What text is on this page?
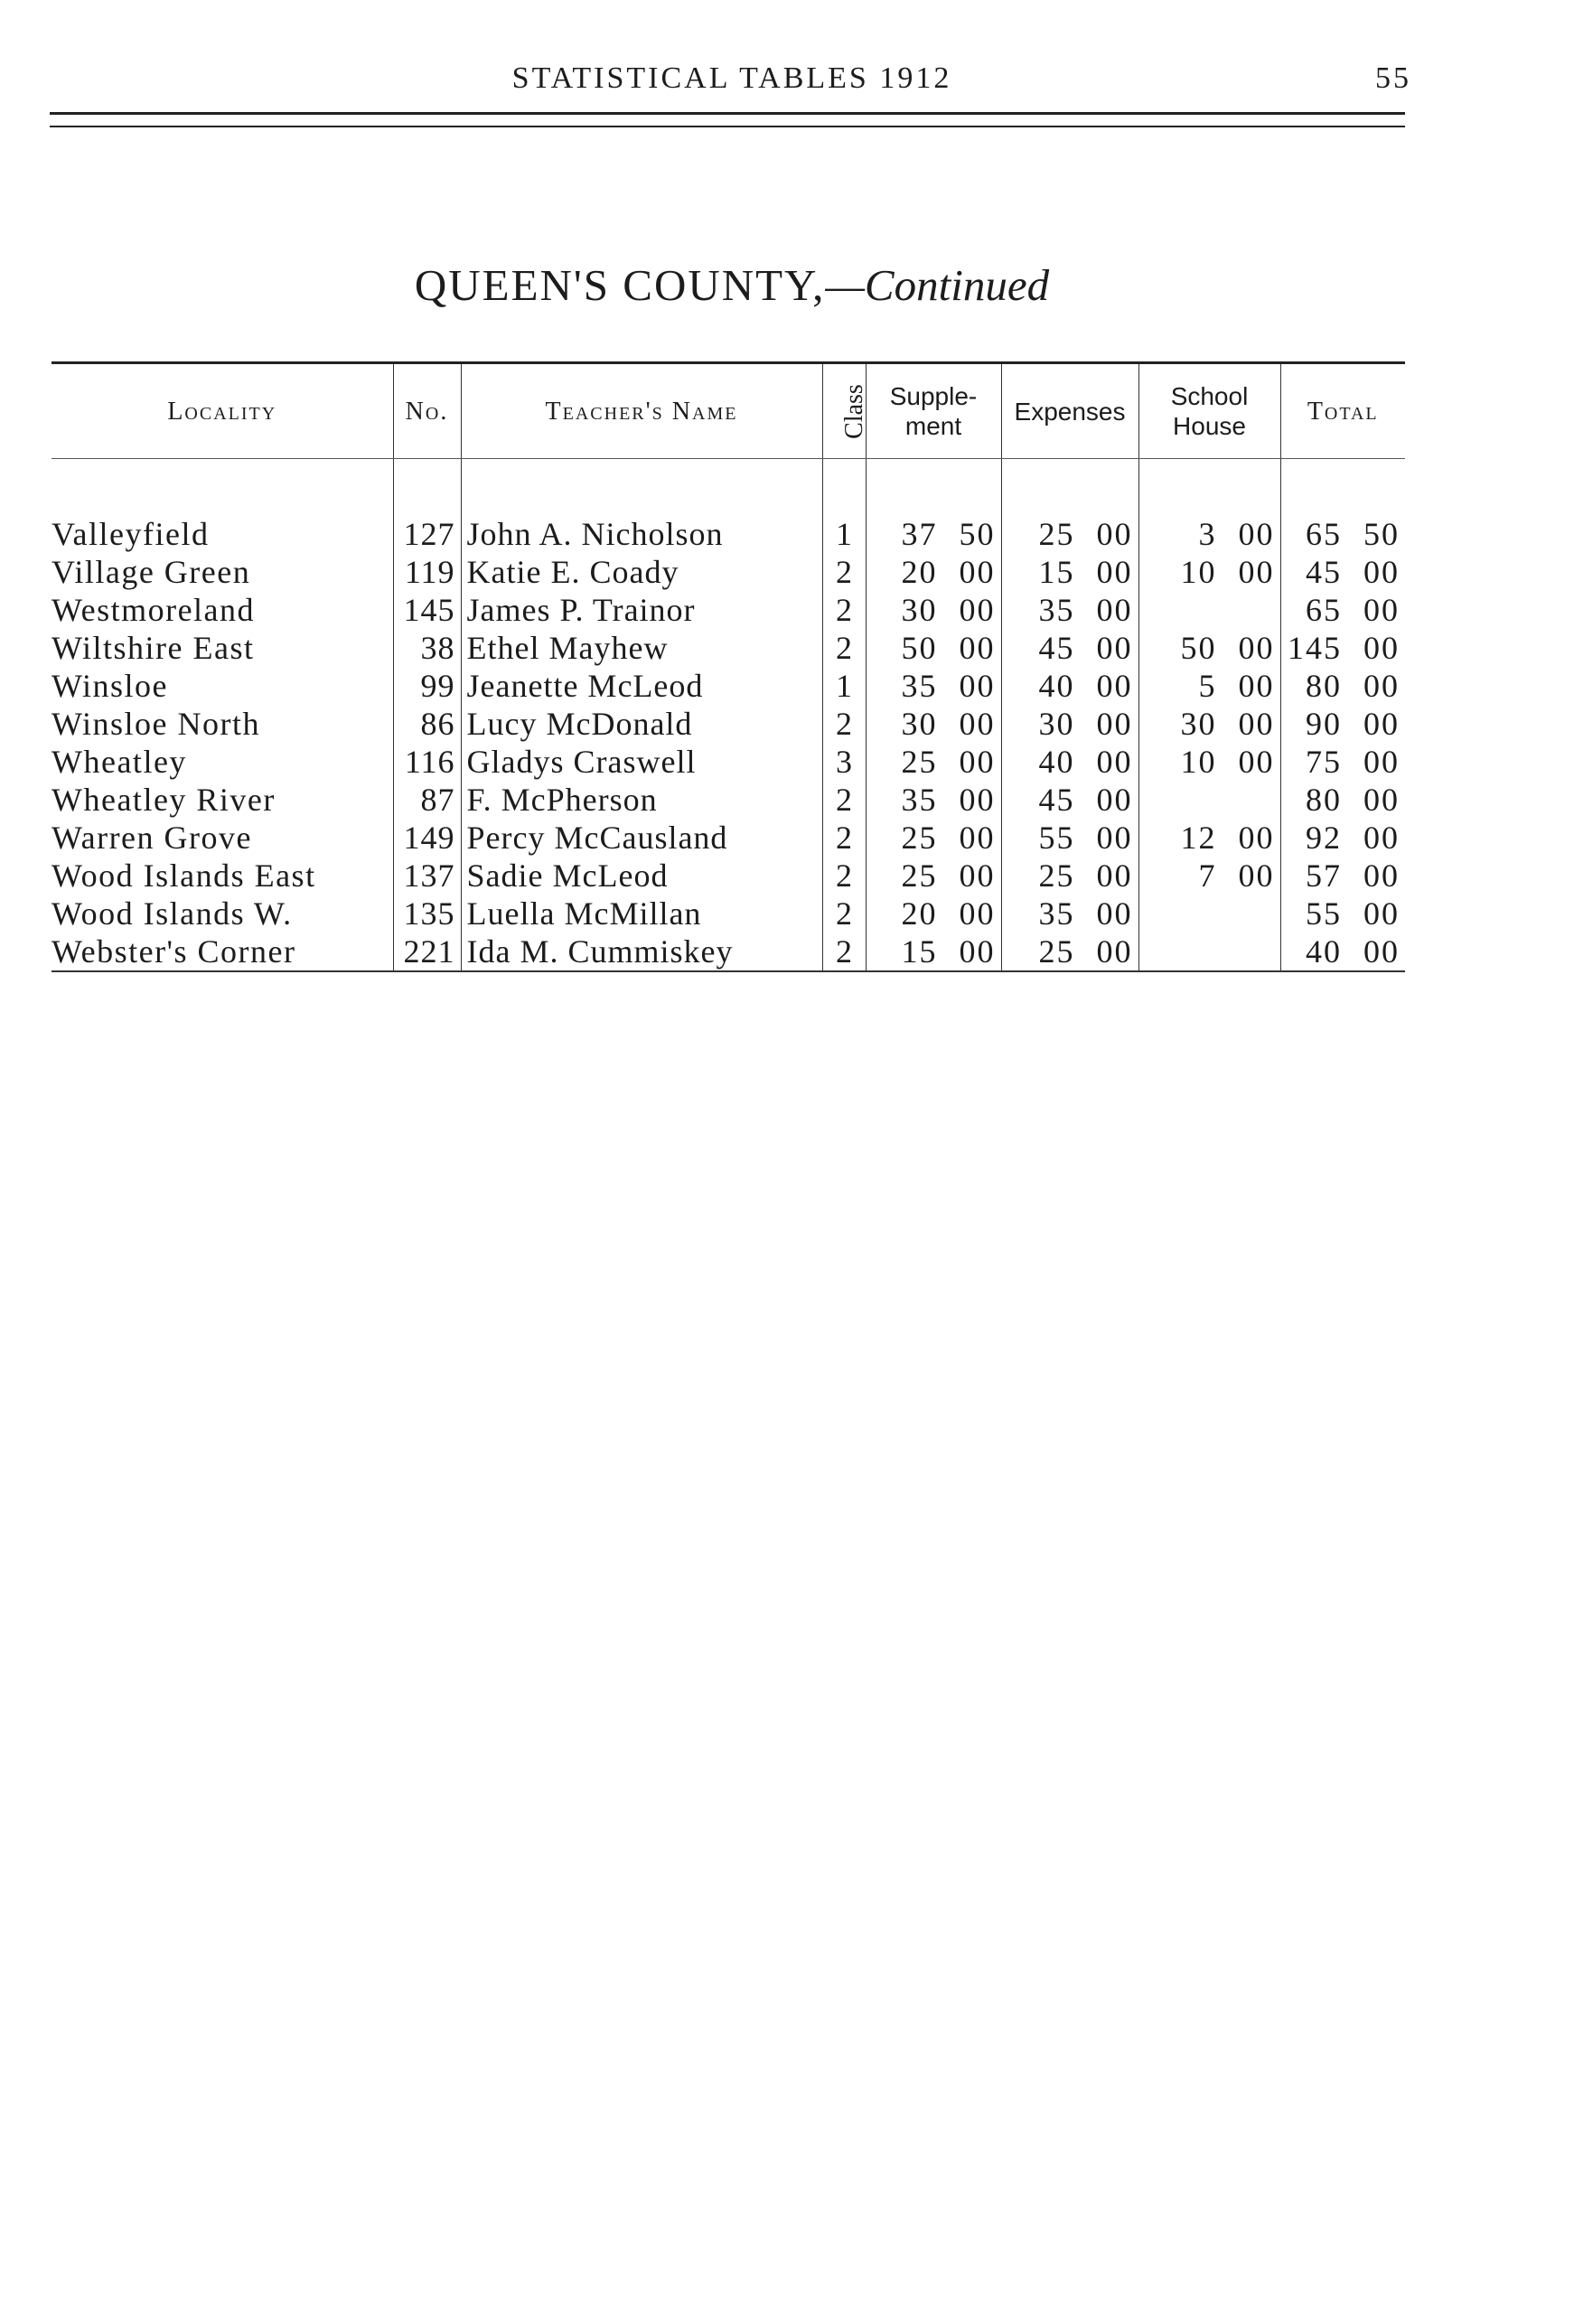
STATISTICAL TABLES 1912	55
QUEEN'S COUNTY,—Continued
Locality	No.	Teacher's Name	Class	Supple-ment	Expenses	School House	Total

Valleyfield	127	John A. Nicholson	1	37 50	25 00	3 00	65 50
Village Green	119	Katie E. Coady	2	20 00	15 00	10 00	45 00
Westmoreland	145	James P. Trainor	2	30 00	35 00		65 00
Wiltshire East	38	Ethel Mayhew	2	50 00	45 00	50 00	145 00
Winsloe	99	Jeanette McLeod	1	35 00	40 00	5 00	80 00
Winsloe North	86	Lucy McDonald	2	30 00	30 00	30 00	90 00
Wheatley	116	Gladys Craswell	3	25 00	40 00	10 00	75 00
Wheatley River	87	F. McPherson	2	35 00	45 00		80 00
Warren Grove	149	Percy McCausland	2	25 00	55 00	12 00	92 00
Wood Islands East	137	Sadie McLeod	2	25 00	25 00	7 00	57 00
Wood Islands W.	135	Luella McMillan	2	20 00	35 00		55 00
Webster's Corner	221	Ida M. Cummiskey	2	15 00	25 00		40 00
